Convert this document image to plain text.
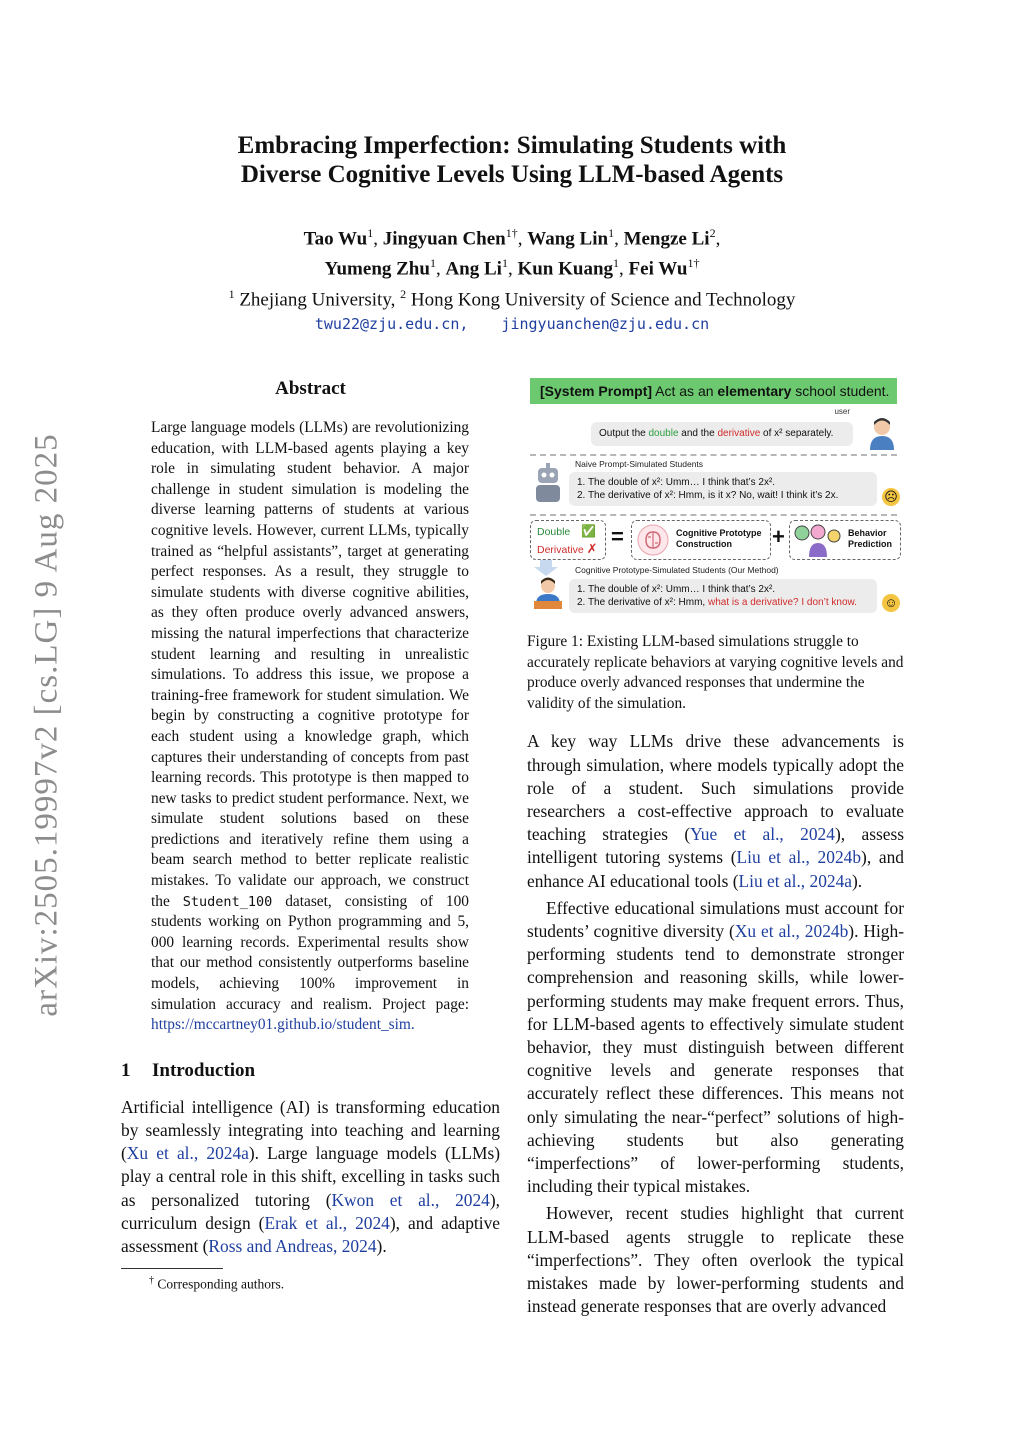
arXiv:2505.19997v2 [cs.LG] 9 Aug 2025
Embracing Imperfection: Simulating Students with
Diverse Cognitive Levels Using LLM-based Agents
Tao Wu$^1$, Jingyuan Chen$^{1\dagger}$, Wang Lin$^1$, Mengze Li$^2$,
Yumeng Zhu$^1$, Ang Li$^1$, Kun Kuang$^1$, Fei $Wu^{1\dagger}$
$^1$ Zhejiang University, $^2$ Hong Kong University of Science and Technology
twu22@zju.edu.cn, jingyuanchen@zju.edu.cn
Abstract
Large language models (LLMs) are revolutionizing education, with LLM-based agents playing a key role in simulating student behavior. A major challenge in student simulation is modeling the diverse learning patterns of students at various cognitive levels. However, current LLMs, typically trained as “helpful assistants”, target at generating perfect responses. As a result, they struggle to simulate students with diverse cognitive abilities, as they often produce overly advanced answers, missing the natural imperfections that characterize student learning and resulting in unrealistic simulations. To address this issue, we propose a training-free framework for student simulation. We begin by constructing a cognitive prototype for each student using a knowledge graph, which captures their understanding of concepts from past learning records. This prototype is then mapped to new tasks to predict student performance. Next, we simulate student solutions based on these predictions and iteratively refine them using a beam search method to better replicate realistic mistakes. To validate our approach, we construct the Student_100 dataset, consisting of 100 students working on Python programming and 5, 000 learning records. Experimental results show that our method consistently outperforms baseline models, achieving 100% improvement in simulation accuracy and realism. Project page: https://mccartney01.github.io/student_sim.
1 Introduction

Artificial intelligence (AI) is transforming education by seamlessly integrating into teaching and learning (Xu et al., 2024a). Large language models (LLMs) play a central role in this shift, excelling in tasks such as personalized tutoring (Kwon et al., 2024), curriculum design (Erak et al., 2024), and adaptive assessment (Ross and Andreas, 2024).

† Corresponding authors.
[System Prompt] Act as an elementary school student.
user
Output the double and the derivative of x² separately.
Naive Prompt-Simulated Students
1. The double of x²: Umm… I think that’s 2x².
2. The derivative of x²: Hmm, is it x? No, wait! I think it’s 2x.	☹
Double ✅
Derivative ✗ =	Cognitive Prototype Construction	+	Behavior Prediction
Cognitive Prototype-Simulated Students (Our Method)
1. The double of x²: Umm… I think that’s 2x².
2. The derivative of x²: Hmm, what is a derivative? I don’t know.	☺
Figure 1: Existing LLM-based simulations struggle to accurately replicate behaviors at varying cognitive levels and produce overly advanced responses that undermine the validity of the simulation.

A key way LLMs drive these advancements is through simulation, where models typically adopt the role of a student. Such simulations provide researchers a cost-effective approach to evaluate teaching strategies (Yue et al., 2024), assess intelligent tutoring systems (Liu et al., 2024b), and enhance AI educational tools (Liu et al., 2024a).

Effective educational simulations must account for students’ cognitive diversity (Xu et al., 2024b). High-performing students tend to demonstrate stronger comprehension and reasoning skills, while lower-performing students may make frequent errors. Thus, for LLM-based agents to effectively simulate student behavior, they must distinguish between different cognitive levels and generate responses that accurately reflect these differences. This means not only simulating the near-“perfect” solutions of high-achieving students but also generating “imperfections” of lower-performing students, including their typical mistakes.

However, recent studies highlight that current LLM-based agents struggle to replicate these “imperfections”. They often overlook the typical mistakes made by lower-performing students and instead generate responses that are overly advanced
